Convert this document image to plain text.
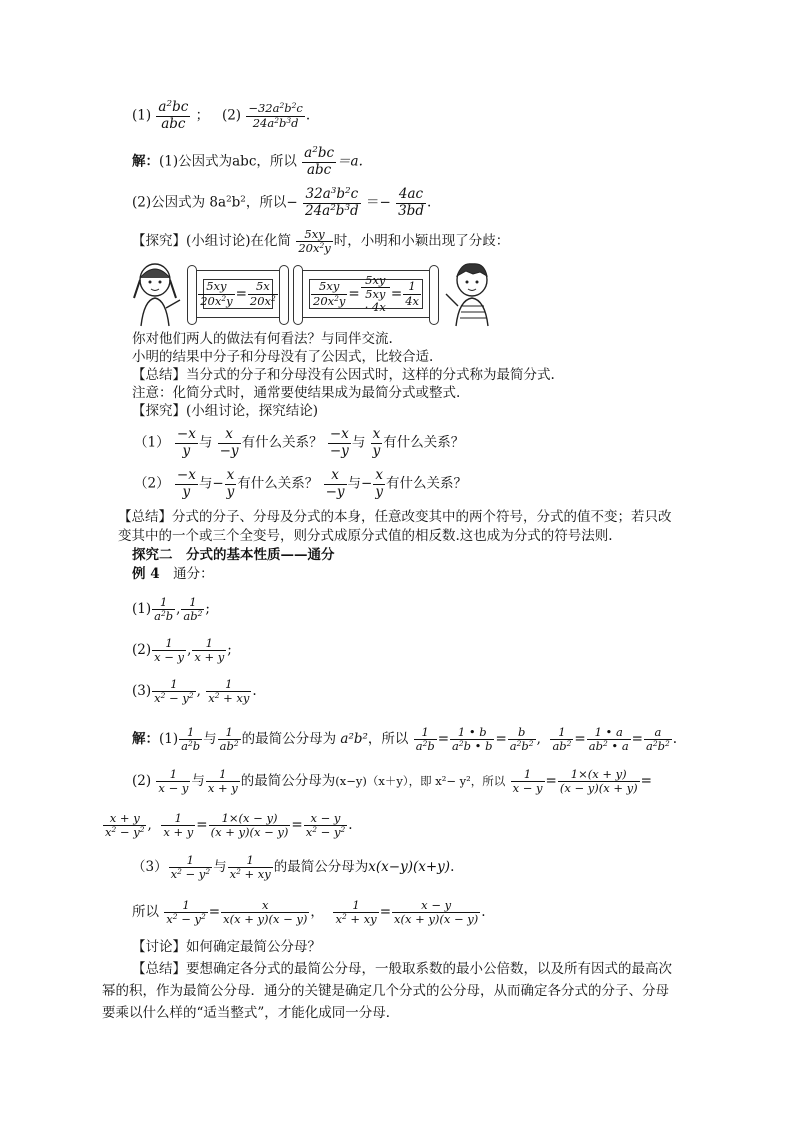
$(1) \frac{a^2bc}{\text{abc}}$ ； $(2) \frac{-32a^2b^2c}{24a^2b^3d}$ .
解：(1)公因式为abc，所以 $\frac{a^2bc}{\text{abc}} =a$.
(2)公因式为 $8a^2b^2$，所以− $\frac{32a^3b^2c}{24a^2b^3d} =- \frac{4ac}{3bd}$ .
【探究】(小组讨论)在化简 $\frac{5xy}{20x^2y}$ 时，小明和小颖出现了分歧：
$\frac{5xy}{20x^2y} = \frac{5x}{20x^2}$	$\frac{5xy}{20x^2y} = \frac{5xy}{5xy \cdot 4x} = \frac{1}{4x}$
你对他们两人的做法有何看法？与同伴交流.
小明的结果中分子和分母没有了公因式，比较合适.
【总结】当分式的分子和分母没有公因式时，这样的分式称为最简分式.
注意：化简分式时，通常要使结果成为最简分式或整式.
【探究】(小组讨论，探究结论)
$(1) \frac{-x}{y}$ 与 $\frac{x}{-y}$ 有什么关系？ $\frac{-x}{-y}$ 与 $\frac{x}{y}$ 有什么关系？
$(2) \frac{-x}{y}$ 与− $\frac{x}{y}$ 有什么关系？ $\frac{x}{-y}$ 与− $\frac{x}{y}$ 有什么关系？
【总结】分式的分子、分母及分式的本身，任意改变其中的两个符号，分式的值不变；若只改
变其中的一个或三个全变号，则分式成原分式值的相反数.这也成为分式的符号法则.
探究二　分式的基本性质——通分
例 4　通分：
$(1) \frac{1}{a^2b}$ , $\frac{1}{ab^2}$ ;
$(2) \frac{1}{x - y}$ , $\frac{1}{x + y}$ ;
$(3) \frac{1}{x^2 - y^2}$ , $\frac{1}{x^2 + xy}$ .
解：$(1) \frac{1}{a^2b}$ 与 $\frac{1}{ab^2}$ 的最简公分母为 a²b²，所以 $\frac{1}{a^2b} = \frac{1 • b}{a^2b • b} = \frac{b}{a^2b^2}$ , $\frac{1}{ab^2} = \frac{1 • a}{ab^2 • a} = \frac{a}{a^2b^2}$ .
$(2) \frac{1}{x - y}$ 与 $\frac{1}{x + y}$ 的最简公分母为(x−y)（x＋y），即 x²− y²，所以 $\frac{1}{x - y} = \frac{1\times(x + y)}{(x - y)(x + y)}$ =
$\frac{x + y}{x^2 - y^2}$ , $\frac{1}{x + y} = \frac{1\times(x - y)}{(x + y)(x - y)} = \frac{x - y}{x^2 - y^2}$ .
$(3) \frac{1}{x^2 - y^2}$ 与 $\frac{1}{x^2 + xy}$ 的最简公分母为x(x−y)(x+y).
所以 $\frac{1}{x^2 - y^2} = \frac{x}{x(x + y)(x - y)}$ ， $\frac{1}{x^2 + xy} = \frac{x - y}{x(x + y)(x - y)}$ .
【讨论】如何确定最简公分母？
【总结】要想确定各分式的最简公分母，一般取系数的最小公倍数，以及所有因式的最高次
幂的积，作为最简公分母．通分的关键是确定几个分式的公分母，从而确定各分式的分子、分母
要乘以什么样的“适当整式”，才能化成同一分母．
